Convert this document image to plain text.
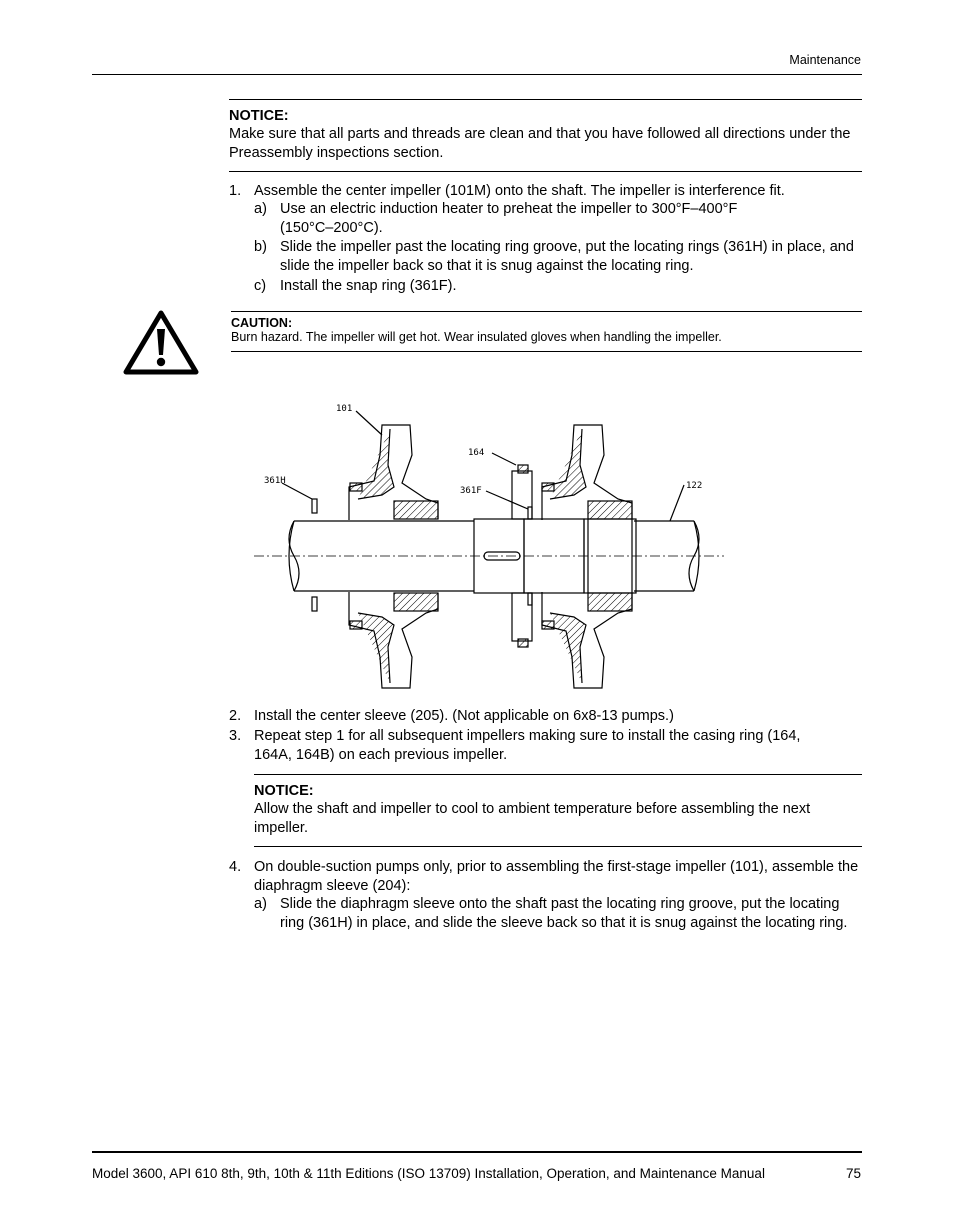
Maintenance
NOTICE:
Make sure that all parts and threads are clean and that you have followed all directions under the Preassembly inspections section.
1. Assemble the center impeller (101M) onto the shaft. The impeller is interference fit.
a) Use an electric induction heater to preheat the impeller to 300°F–400°F (150°C–200°C).
b) Slide the impeller past the locating ring groove, put the locating rings (361H) in place, and slide the impeller back so that it is snug against the locating ring.
c) Install the snap ring (361F).
CAUTION:
Burn hazard. The impeller will get hot. Wear insulated gloves when handling the impeller.
101
361H
164
361F	122
2. Install the center sleeve (205). (Not applicable on 6x8-13 pumps.)
3. Repeat step 1 for all subsequent impellers making sure to install the casing ring (164, 164A, 164B) on each previous impeller.
NOTICE:
Allow the shaft and impeller to cool to ambient temperature before assembling the next impeller.
4. On double-suction pumps only, prior to assembling the first-stage impeller (101), assemble the diaphragm sleeve (204):
a) Slide the diaphragm sleeve onto the shaft past the locating ring groove, put the locating ring (361H) in place, and slide the sleeve back so that it is snug against the locating ring.
Model 3600, API 610 8th, 9th, 10th & 11th Editions (ISO 13709) Installation, Operation, and Maintenance Manual	75
